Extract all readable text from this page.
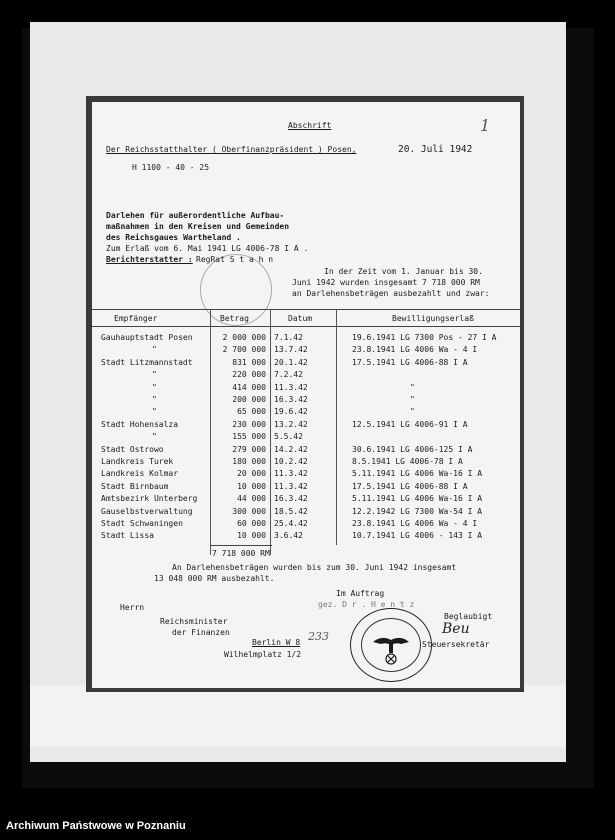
Abschrift	1
Der Reichsstatthalter ( Oberfinanzpräsident ) Posen,	20. Juli 1942
H 1100 - 40 - 25
Darlehen für außerordentliche Aufbau-
maßnahmen in den Kreisen und Gemeinden
des Reichsgaues Wartheland .
Zum Erlaß vom 6. Mai 1941 LG 4006-78 I A .
Berichterstatter : RegRat S t a h n
In der Zeit vom 1. Januar bis 30.
Juni 1942 wurden insgesamt 7 718 000 RM
an Darlehensbeträgen ausbezahlt und zwar:
Empfänger	Betrag	Datum	Bewilligungserlaß
Gauhauptstadt Posen	2 000 000 7.1.42	19.6.1941 LG 7300 Pos - 27 I A
"	2 700 000 13.7.42	23.8.1941 LG 4006 Wa - 4 I
Stadt Litzmannstadt	831 000 20.1.42	17.5.1941 LG 4006-88 I A
"	220 000 7.2.42
"	414 000 11.3.42	"
"	200 000 16.3.42	"
"	65 000 19.6.42	"
Stadt Hohensalza	230 000 13.2.42	12.5.1941 LG 4006-91 I A
"	155 000 5.5.42
Stadt Ostrowo	279 000 14.2.42	30.6.1941 LG 4006-125 I A
Landkreis Turek	180 000 10.2.42	8.5.1941 LG 4006-78 I A
Landkreis Kolmar	20 000 11.3.42	5.11.1941 LG 4006 Wa-16 I A
Stadt Birnbaum	10 000 11.3.42	17.5.1941 LG 4006-88 I A
Amtsbezirk Unterberg	44 000 16.3.42	5.11.1941 LG 4006 Wa-16 I A
Gauselbstverwaltung	300 000 18.5.42	12.2.1942 LG 7300 Wa-54 I A
Stadt Schwaningen	60 000 25.4.42	23.8.1941 LG 4006 Wa - 4 I
Stadt Lissa	10 000 3.6.42	10.7.1941 LG 4006 - 143 I A
7 718 000 RM
An Darlehensbeträgen wurden bis zum 30. Juni 1942 insgesamt
13 048 000 RM ausbezahlt.
Im Auftrag
gez. D r . H e n t z
Beglaubigt
Beu
Steuersekretär
Herrn
Reichsminister
der Finanzen
Berlin W 8
Wilhelmplatz 1/2
233
Archiwum Państwowe w Poznaniu
